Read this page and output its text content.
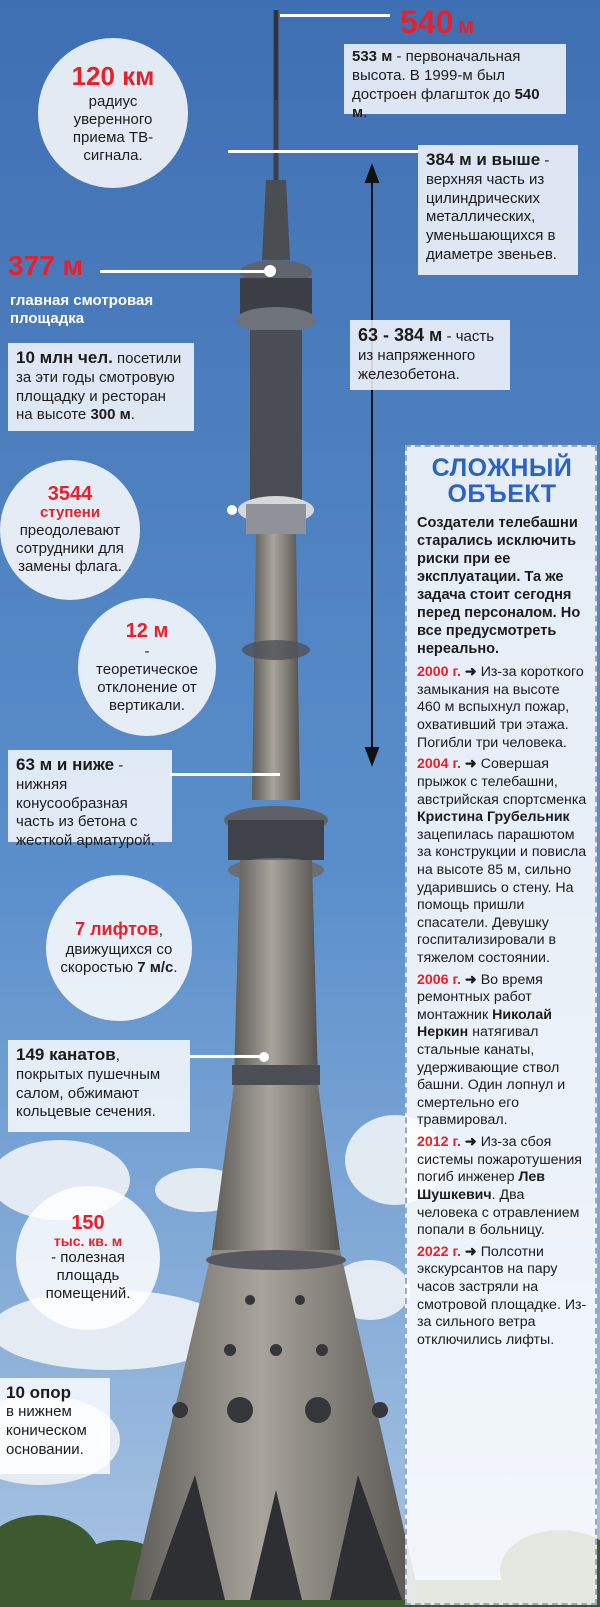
540 м
533 м - первоначальная высота. В 1999-м был достроен флагшток до 540 м.
120 км
радиус уверенного приема ТВ-сигнала.	384 м и выше - верхняя часть из цилиндрических металлических, уменьшающихся в диаметре звеньев.
377 м
главная смотровая площадка
63 - 384 м - часть из напряженного железобетона.
10 млн чел. посетили за эти годы смотровую площадку и ресторан на высоте 300 м.
3544
ступени
преодолевают сотрудники для замены флага.
12 м
- теоретическое отклонение от вертикали.
63 м и ниже - нижняя конусообразная часть из бетона с жесткой арматурой.
7 лифтов, движущихся со скоростью 7 м/с.
149 канатов, покрытых пушечным салом, обжимают кольцевые сечения.
150
тыс. кв. м
- полезная площадь помещений.
10 опор
в нижнем коническом основании.
СЛОЖНЫЙ ОБЪЕКТ
Создатели телебашни старались исключить риски при ее эксплуатации. Та же задача стоит сегодня перед персоналом. Но все предусмотреть нереально.
2000 г. ➜ Из-за короткого замыкания на высоте 460 м вспыхнул пожар, охвативший три этажа. Погибли три человека.
2004 г. ➜ Совершая прыжок с телебашни, австрийская спортсменка Кристина Грубельник зацепилась парашютом за конструкции и повисла на высоте 85 м, сильно ударившись о стену. На помощь пришли спасатели. Девушку госпитализировали в тяжелом состоянии.
2006 г. ➜ Во время ремонтных работ монтажник Николай Неркин натягивал стальные канаты, удерживающие ствол башни. Один лопнул и смертельно его травмировал.
2012 г. ➜ Из-за сбоя системы пожаротушения погиб инженер Лев Шушкевич. Два человека с отравлением попали в больницу.
2022 г. ➜ Полсотни экскурсантов на пару часов застряли на смотровой площадке. Из-за сильного ветра отключились лифты.
